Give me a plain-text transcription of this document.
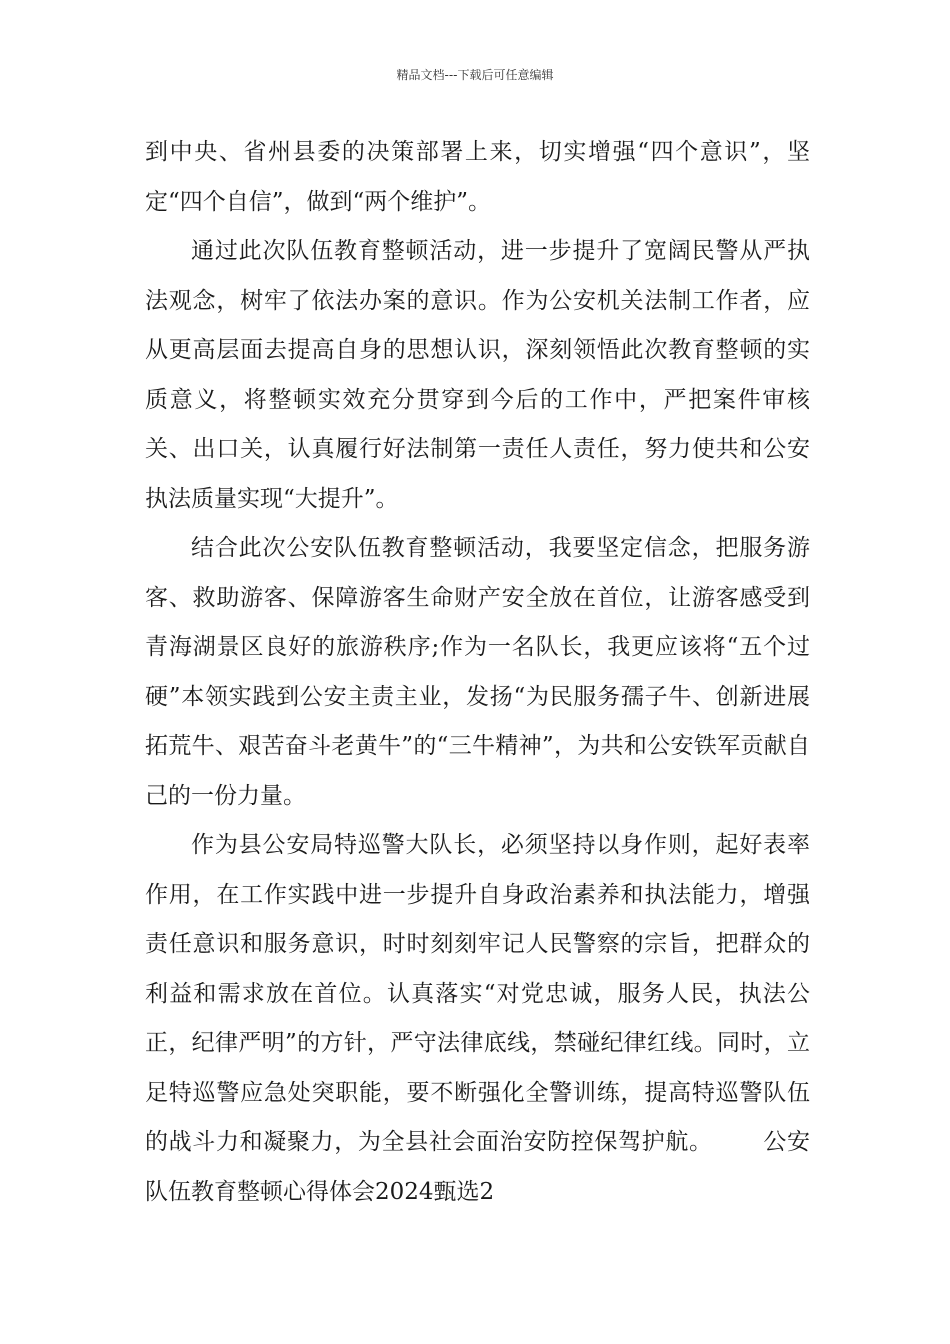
精品文档---下载后可任意编辑

到中央、省州县委的决策部署上来，切实增强“四个意识”，坚定“四个自信”，做到“两个维护”。

通过此次队伍教育整顿活动，进一步提升了宽阔民警从严执法观念，树牢了依法办案的意识。作为公安机关法制工作者，应从更高层面去提高自身的思想认识，深刻领悟此次教育整顿的实质意义，将整顿实效充分贯穿到今后的工作中，严把案件审核关、出口关，认真履行好法制第一责任人责任，努力使共和公安执法质量实现“大提升”。

结合此次公安队伍教育整顿活动，我要坚定信念，把服务游客、救助游客、保障游客生命财产安全放在首位，让游客感受到青海湖景区良好的旅游秩序;作为一名队长，我更应该将“五个过硬”本领实践到公安主责主业，发扬“为民服务孺子牛、创新进展拓荒牛、艰苦奋斗老黄牛”的“三牛精神”，为共和公安铁军贡献自己的一份力量。

作为县公安局特巡警大队长，必须坚持以身作则，起好表率作用，在工作实践中进一步提升自身政治素养和执法能力，增强责任意识和服务意识，时时刻刻牢记人民警察的宗旨，把群众的利益和需求放在首位。认真落实“对党忠诚，服务人民，执法公正，纪律严明”的方针，严守法律底线，禁碰纪律红线。同时，立足特巡警应急处突职能，要不断强化全警训练，提高特巡警队伍的战斗力和凝聚力，为全县社会面治安防控保驾护航。 公安队伍教育整顿心得体会2024甄选2
